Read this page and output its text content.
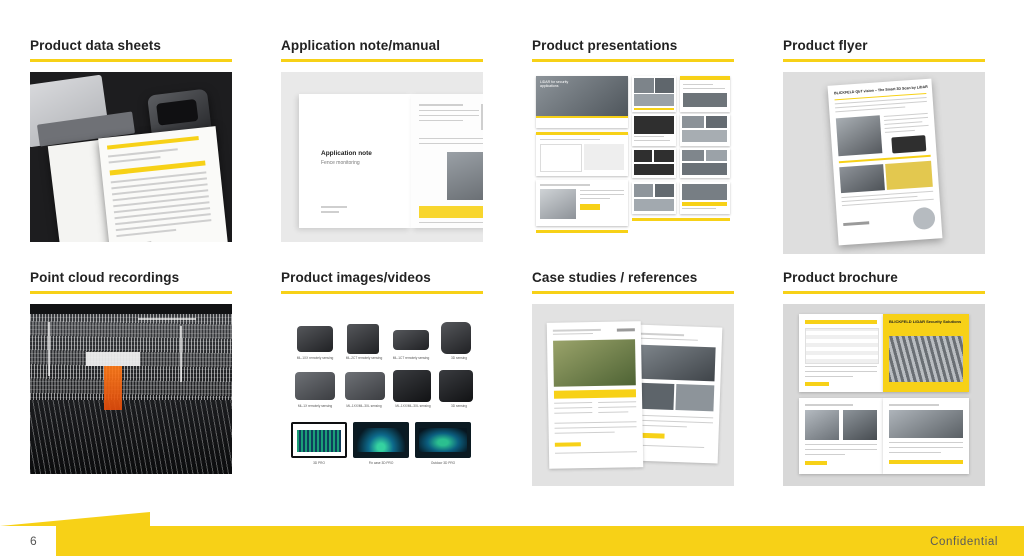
Product data sheets	Application note/manual
Application note
Fence monitoring
Product presentations
LiDAR for security
applications
Product flyer
BLICKFELD QbT vision – The Smart 3D Scan by LiDAR
Point cloud recordings	Product images/videos
ML-1XX remotely sensing	ML-2CT remotely sensing	ML-1CT remotely sensing	3D sensing
ML-1X remotely sensing	ML-1XX/ML-3XL sensing	ML-1XX/ML-3XL sensing	3D sensing
3D PRO	Fix case 3D PRO	Outdoor 3D PRO
Case studies / references	Product brochure
BLICKFELD LiDAR Security Solutions
6	Confidential
